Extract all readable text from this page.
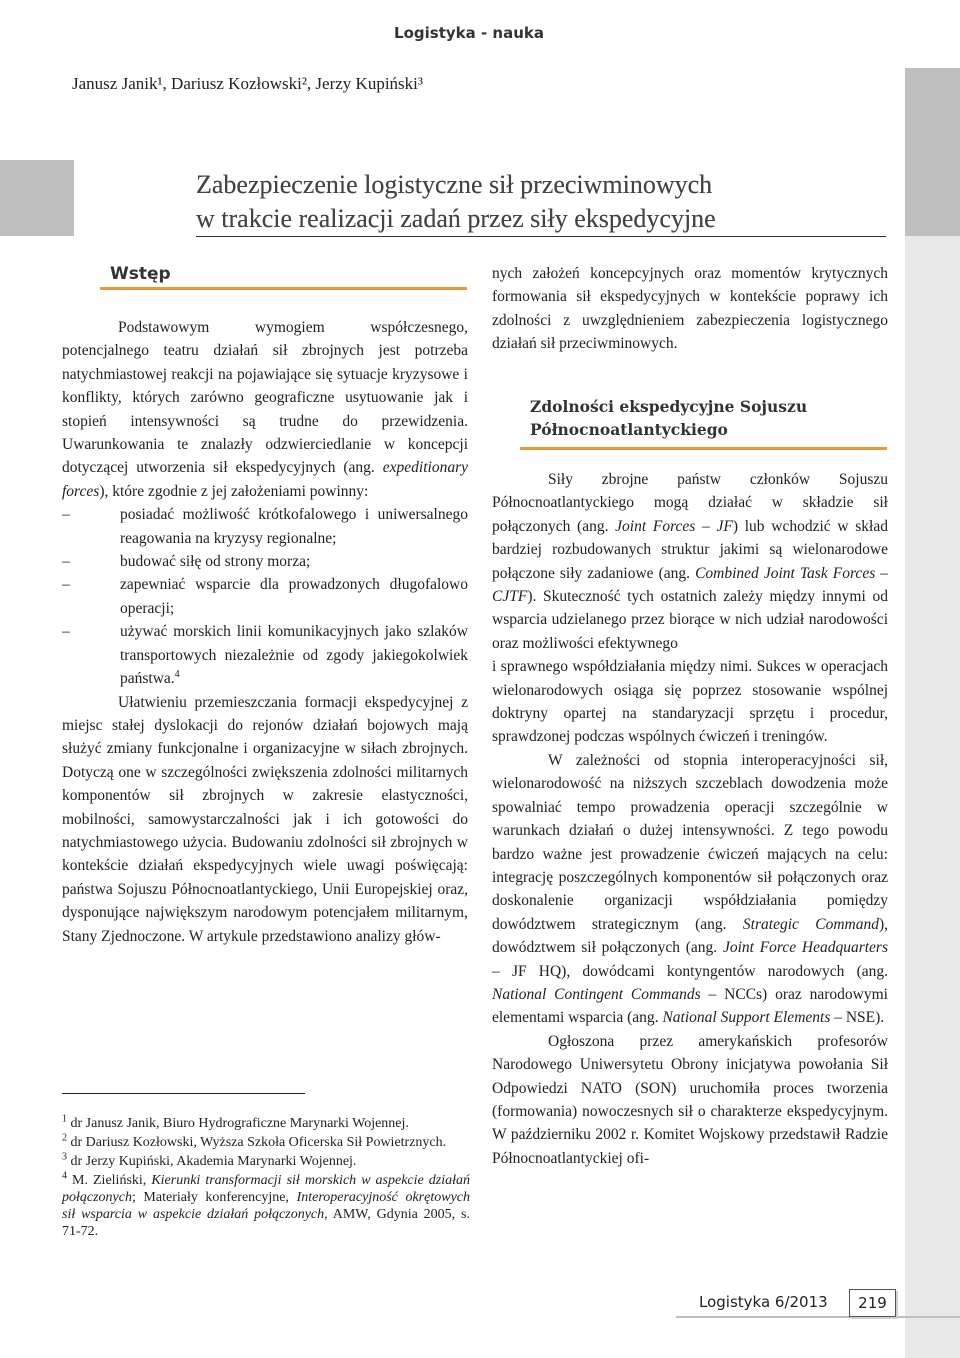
Logistyka - nauka
Janusz Janik¹, Dariusz Kozłowski², Jerzy Kupiński³
Zabezpieczenie logistyczne sił przeciwminowych
w trakcie realizacji zadań przez siły ekspedycyjne
Wstęp

Podstawowym wymogiem współczesnego, potencjalnego teatru działań sił zbrojnych jest potrzeba natychmiastowej reakcji na pojawiające się sytuacje kryzysowe i konflikty, których zarówno geograficzne usytuowanie jak i stopień intensywności są trudne do przewidzenia. Uwarunkowania te znalazły odzwierciedlanie w koncepcji dotyczącej utworzenia sił ekspedycyjnych (ang. expeditionary forces), które zgodnie z jej założeniami powinny:

–	posiadać możliwość krótkofalowego i uniwersalnego reagowania na kryzysy regionalne;
–	budować siłę od strony morza;
–	zapewniać wsparcie dla prowadzonych długofalowo operacji;
–	używać morskich linii komunikacyjnych jako szlaków transportowych niezależnie od zgody jakiegokolwiek państwa.$^4$

Ułatwieniu przemieszczania formacji ekspedycyjnej z miejsc stałej dyslokacji do rejonów działań bojowych mają służyć zmiany funkcjonalne i organizacyjne w siłach zbrojnych. Dotyczą one w szczególności zwiększenia zdolności militarnych komponentów sił zbrojnych w zakresie elastyczności, mobilności, samowystarczalności jak i ich gotowości do natychmiastowego użycia. Budowaniu zdolności sił zbrojnych w kontekście działań ekspedycyjnych wiele uwagi poświęcają: państwa Sojuszu Północnoatlantyckiego, Unii Europejskiej oraz, dysponujące największym narodowym potencjałem militarnym, Stany Zjednoczone. W artykule przedstawiono analizy głów-

$^1$ dr Janusz Janik, Biuro Hydrograficzne Marynarki Wojennej.

$^2$ dr Dariusz Kozłowski, Wyższa Szkoła Oficerska Sił Powietrznych.

$^3$ dr Jerzy Kupiński, Akademia Marynarki Wojennej.

$^4$ M. Zieliński, Kierunki transformacji sił morskich w aspekcie działań połączonych; Materiały konferencyjne, Interoperacyjność okrętowych sił wsparcia w aspekcie działań połączonych, AMW, Gdynia 2005, s. 71-72.

nych założeń koncepcyjnych oraz momentów krytycznych formowania sił ekspedycyjnych w kontekście poprawy ich zdolności z uwzględnieniem zabezpieczenia logistycznego działań sił przeciwminowych.

Zdolności ekspedycyjne Sojuszu Północnoatlantyckiego

Siły zbrojne państw członków Sojuszu Północnoatlantyckiego mogą działać w składzie sił połączonych (ang. Joint Forces – JF) lub wchodzić w skład bardziej rozbudowanych struktur jakimi są wielonarodowe połączone siły zadaniowe (ang. Combined Joint Task Forces – CJTF). Skuteczność tych ostatnich zależy między innymi od wsparcia udzielanego przez biorące w nich udział narodowości oraz możliwości efektywnego

i sprawnego współdziałania między nimi. Sukces w operacjach wielonarodowych osiąga się poprzez stosowanie wspólnej doktryny opartej na standaryzacji sprzętu i procedur, sprawdzonej podczas wspólnych ćwiczeń i treningów.

W zależności od stopnia interoperacyjności sił, wielonarodowość na niższych szczeblach dowodzenia może spowalniać tempo prowadzenia operacji szczególnie w warunkach działań o dużej intensywności. Z tego powodu bardzo ważne jest prowadzenie ćwiczeń mających na celu: integrację poszczególnych komponentów sił połączonych oraz doskonalenie organizacji współdziałania pomiędzy dowództwem strategicznym (ang. Strategic Command), dowództwem sił połączonych (ang. Joint Force Headquarters – JF HQ), dowódcami kontyngentów narodowych (ang. National Contingent Commands – NCCs) oraz narodowymi elementami wsparcia (ang. National Support Elements – NSE).

Ogłoszona przez amerykańskich profesorów Narodowego Uniwersytetu Obrony inicjatywa powołania Sił Odpowiedzi NATO (SON) uruchomiła proces tworzenia (formowania) nowoczesnych sił o charakterze ekspedycyjnym. W październiku 2002 r. Komitet Wojskowy przedstawił Radzie Północnoatlantyckiej ofi-

Logistyka 6/2013	219
